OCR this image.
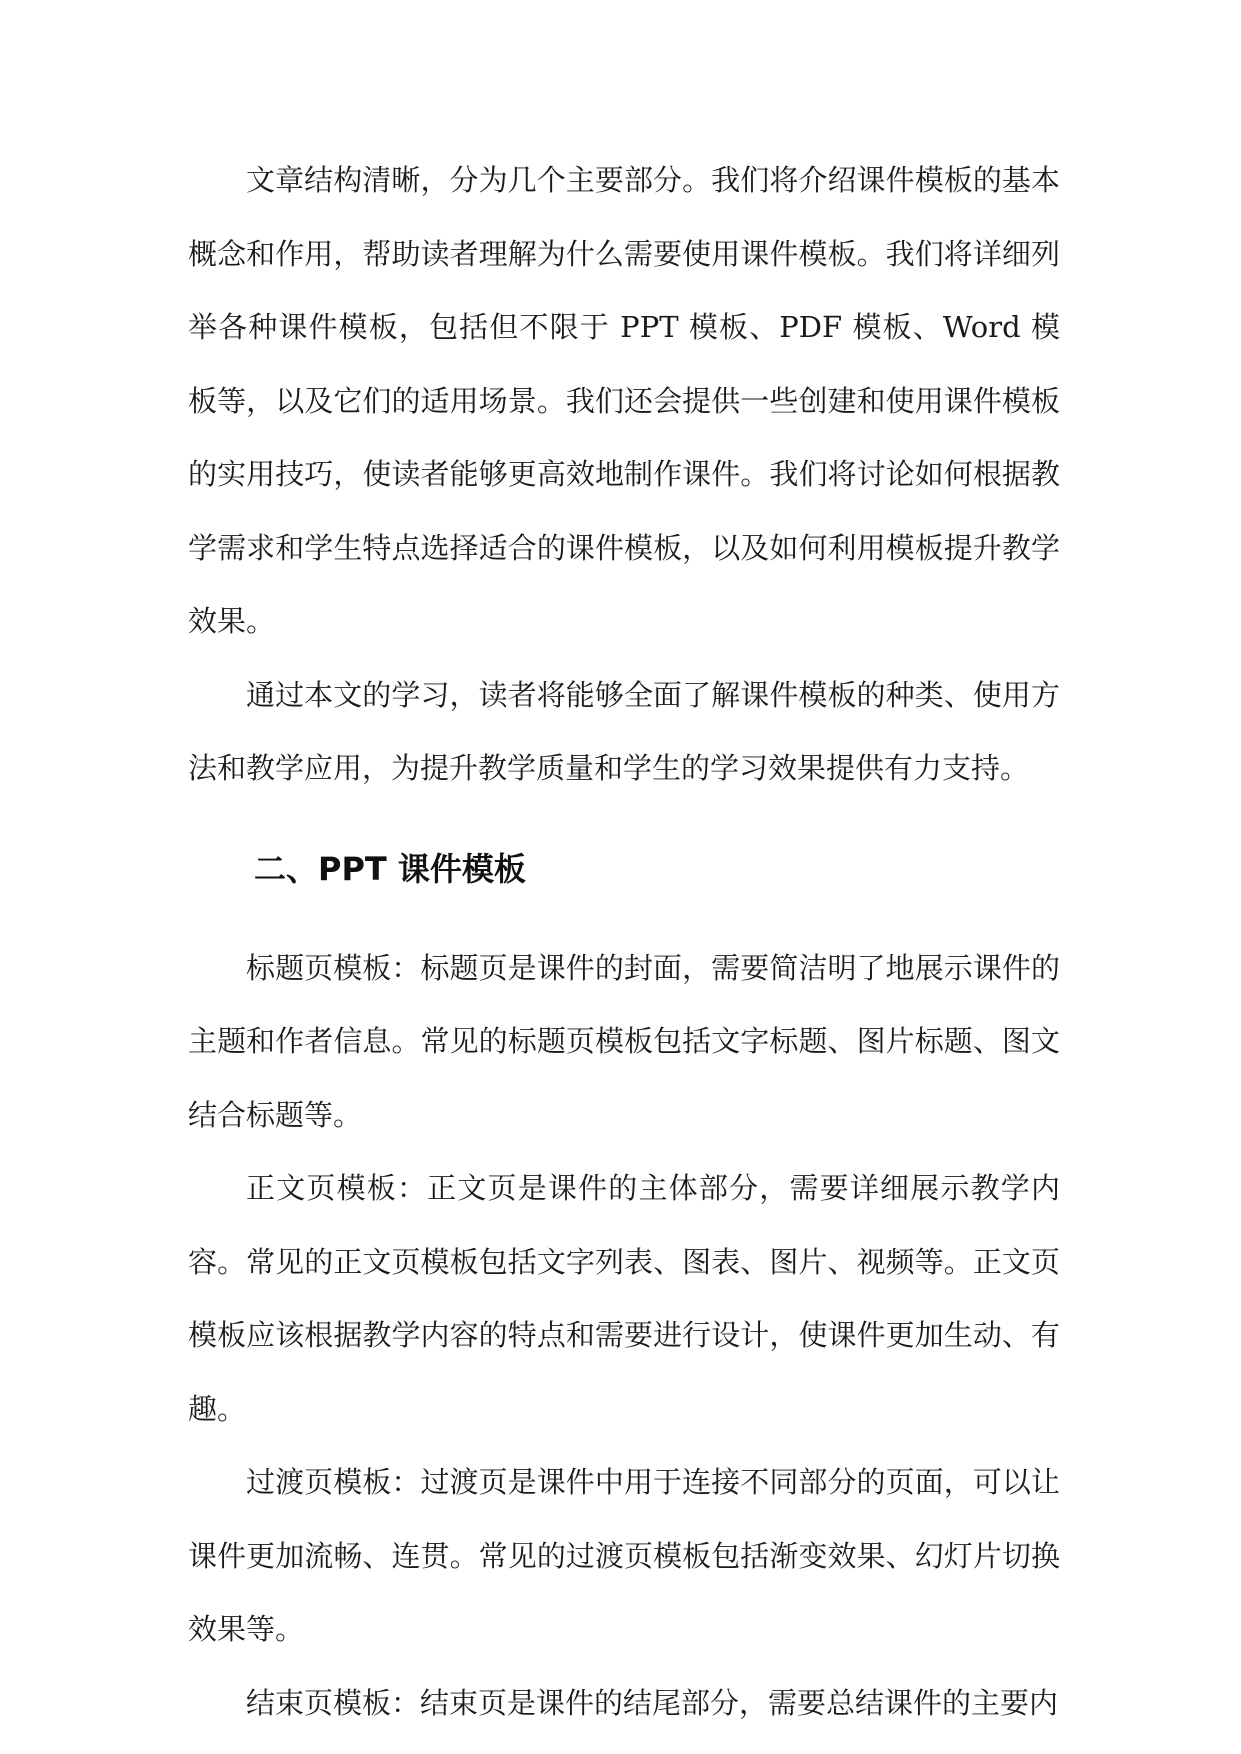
文章结构清晰，分为几个主要部分。我们将介绍课件模板的基本概念和作用，帮助读者理解为什么需要使用课件模板。我们将详细列举各种课件模板，包括但不限于 PPT 模板、PDF 模板、Word 模板等，以及它们的适用场景。我们还会提供一些创建和使用课件模板的实用技巧，使读者能够更高效地制作课件。我们将讨论如何根据教学需求和学生特点选择适合的课件模板，以及如何利用模板提升教学效果。

通过本文的学习，读者将能够全面了解课件模板的种类、使用方法和教学应用，为提升教学质量和学生的学习效果提供有力支持。

二、PPT 课件模板

标题页模板：标题页是课件的封面，需要简洁明了地展示课件的主题和作者信息。常见的标题页模板包括文字标题、图片标题、图文结合标题等。

正文页模板：正文页是课件的主体部分，需要详细展示教学内容。常见的正文页模板包括文字列表、图表、图片、视频等。正文页模板应该根据教学内容的特点和需要进行设计，使课件更加生动、有趣。

过渡页模板：过渡页是课件中用于连接不同部分的页面，可以让课件更加流畅、连贯。常见的过渡页模板包括渐变效果、幻灯片切换效果等。

结束页模板：结束页是课件的结尾部分，需要总结课件的主要内
